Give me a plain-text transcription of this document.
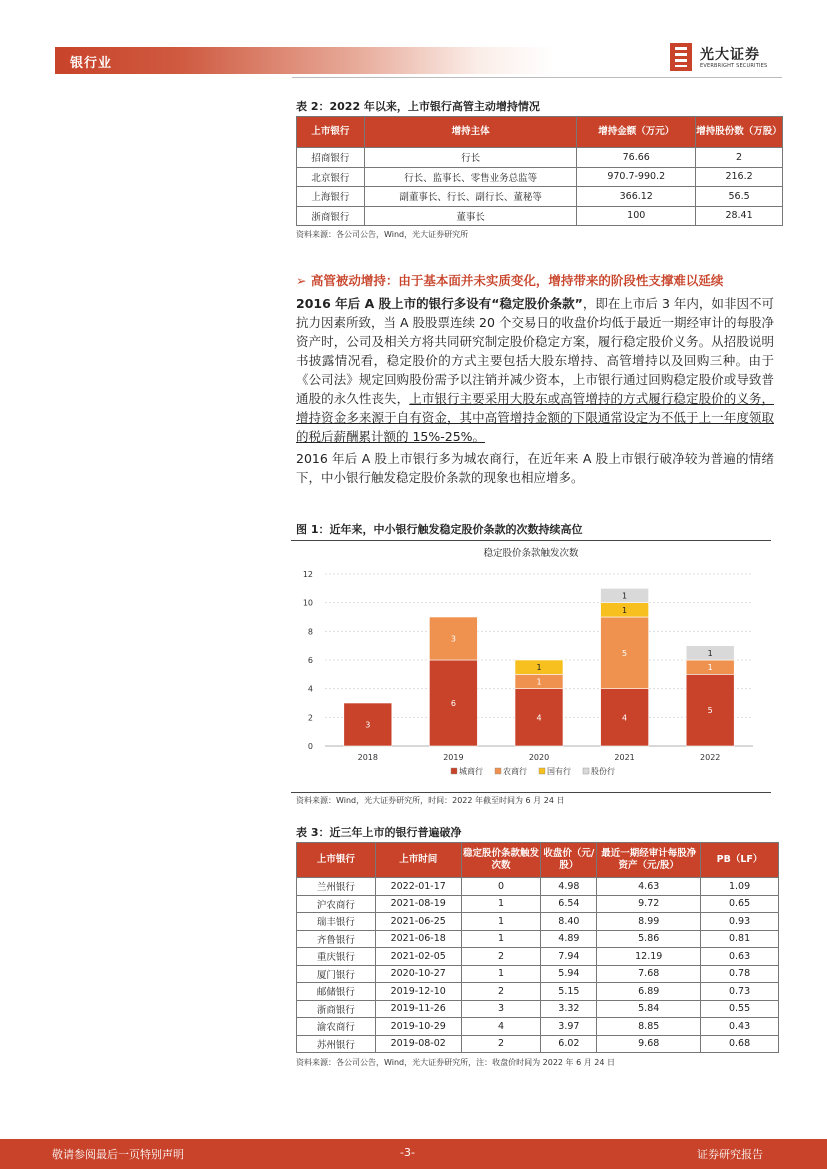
银行业
光大证券
EVERBRIGHT SECURITIES
表 2：2022 年以来，上市银行高管主动增持情况
上市银行	增持主体	增持金额（万元）	增持股份数（万股）
招商银行	行长	76.66	2
北京银行	行长、监事长、零售业务总监等	970.7-990.2	216.2
上海银行	副董事长、行长、副行长、董秘等	366.12	56.5
浙商银行	董事长	100	28.41
资料来源：各公司公告，Wind，光大证券研究所
➢ 高管被动增持：由于基本面并未实质变化，增持带来的阶段性支撑难以延续
2016 年后 A 股上市的银行多设有“稳定股价条款”，即在上市后 3 年内，如非因不可抗力因素所致，当 A 股股票连续 20 个交易日的收盘价均低于最近一期经审计的每股净资产时，公司及相关方将共同研究制定股价稳定方案，履行稳定股价义务。从招股说明书披露情况看，稳定股价的方式主要包括大股东增持、高管增持以及回购三种。由于《公司法》规定回购股份需予以注销并减少资本，上市银行通过回购稳定股价或导致普通股的永久性丧失，上市银行主要采用大股东或高管增持的方式履行稳定股价的义务，增持资金多来源于自有资金，其中高管增持金额的下限通常设定为不低于上一年度领取的税后薪酬累计额的 15%-25%。
2016 年后 A 股上市银行多为城农商行，在近年来 A 股上市银行破净较为普遍的情绪下，中小银行触发稳定股价条款的现象也相应增多。
图 1：近年来，中小银行触发稳定股价条款的次数持续高位
稳定股价条款触发次数
0
2
4
6
8
10
12
3
2018
6
3
2019
4
1
1
2020
4
5
1
1
2021
5
1
1
2022
城商行	农商行	国有行	股份行
资料来源：Wind，光大证券研究所，时间：2022 年截至时间为 6 月 24 日
表 3：近三年上市的银行普遍破净
上市银行	上市时间	稳定股价条款触发次数	收盘价（元/股）	最近一期经审计每股净资产（元/股）	PB（LF）
兰州银行	2022-01-17	0	4.98	4.63	1.09
沪农商行	2021-08-19	1	6.54	9.72	0.65
瑞丰银行	2021-06-25	1	8.40	8.99	0.93
齐鲁银行	2021-06-18	1	4.89	5.86	0.81
重庆银行	2021-02-05	2	7.94	12.19	0.63
厦门银行	2020-10-27	1	5.94	7.68	0.78
邮储银行	2019-12-10	2	5.15	6.89	0.73
浙商银行	2019-11-26	3	3.32	5.84	0.55
渝农商行	2019-10-29	4	3.97	8.85	0.43
苏州银行	2019-08-02	2	6.02	9.68	0.68
资料来源：各公司公告，Wind，光大证券研究所，注：收盘价时间为 2022 年 6 月 24 日
敬请参阅最后一页特别声明	-3-	证券研究报告
